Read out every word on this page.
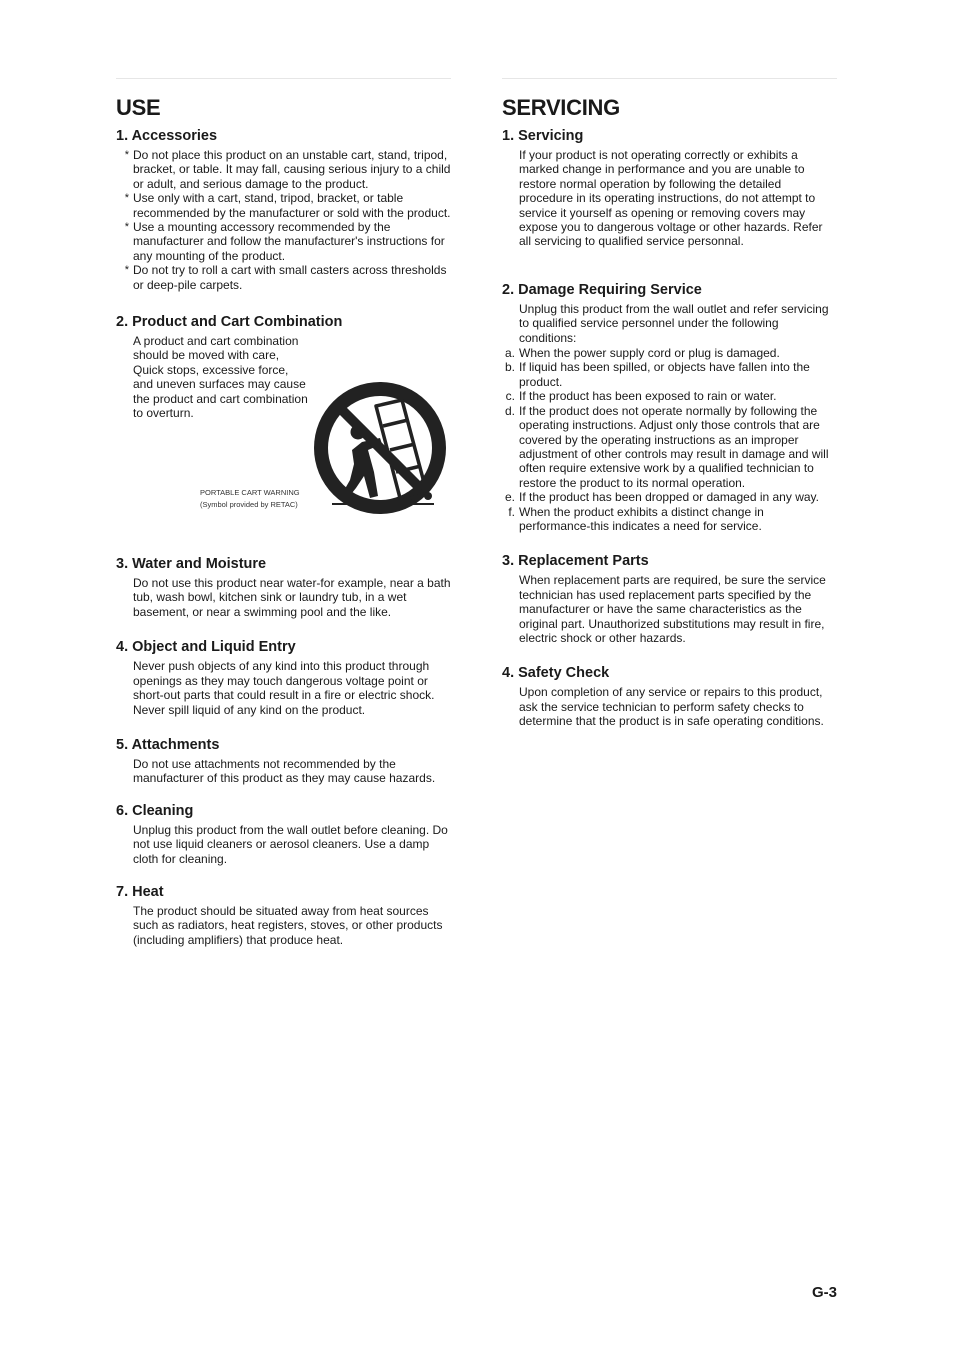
USE
1. Accessories
* Do not place this product on an unstable cart, stand, tripod, bracket, or table. It may fall, causing serious injury to a child or adult, and serious damage to the product.
* Use only with a cart, stand, tripod, bracket, or table recommended by the manufacturer or sold with the product.
* Use a mounting accessory recommended by the manufacturer and follow the manufacturer's instructions for any mounting of the product.
* Do not try to roll a cart with small casters across thresholds or deep-pile carpets.
2. Product and Cart Combination
A product and cart combination
should be moved with care,
Quick stops, excessive force,
and uneven surfaces may cause
the product and cart combination
to overturn.
PORTABLE CART WARNING
(Symbol provided by RETAC)
3. Water and Moisture
Do not use this product near water-for example, near a bath tub, wash bowl, kitchen sink or laundry tub, in a wet basement, or near a swimming pool and the like.
4. Object and Liquid Entry
Never push objects of any kind into this product through openings as they may touch dangerous voltage point or short-out parts that could result in a fire or electric shock. Never spill liquid of any kind on the product.
5. Attachments
Do not use attachments not recommended by the manufacturer of this product as they may cause hazards.
6. Cleaning
Unplug this product from the wall outlet before cleaning. Do not use liquid cleaners or aerosol cleaners. Use a damp cloth for cleaning.
7. Heat
The product should be situated away from heat sources such as radiators, heat registers, stoves, or other products (including amplifiers) that produce heat.
SERVICING
1. Servicing
If your product is not operating correctly or exhibits a marked change in performance and you are unable to restore normal operation by following the detailed procedure in its operating instructions, do not attempt to service it yourself as opening or removing covers may expose you to dangerous voltage or other hazards. Refer all servicing to qualified service personnal.
2. Damage Requiring Service
Unplug this product from the wall outlet and refer servicing to qualified service personnel under the following conditions:
a. When the power supply cord or plug is damaged.
b. If liquid has been spilled, or objects have fallen into the product.
c. If the product has been exposed to rain or water.
d. If the product does not operate normally by following the operating instructions. Adjust only those controls that are covered by the operating instructions as an improper adjustment of other controls may result in damage and will often require extensive work by a qualified technician to restore the product to its normal operation.
e. If the product has been dropped or damaged in any way.
f. When the product exhibits a distinct change in performance-this indicates a need for service.
3. Replacement Parts
When replacement parts are required, be sure the service technician has used replacement parts specified by the manufacturer or have the same characteristics as the original part. Unauthorized substitutions may result in fire, electric shock or other hazards.
4. Safety Check
Upon completion of any service or repairs to this product, ask the service technician to perform safety checks to determine that the product is in safe operating conditions.
G-3
